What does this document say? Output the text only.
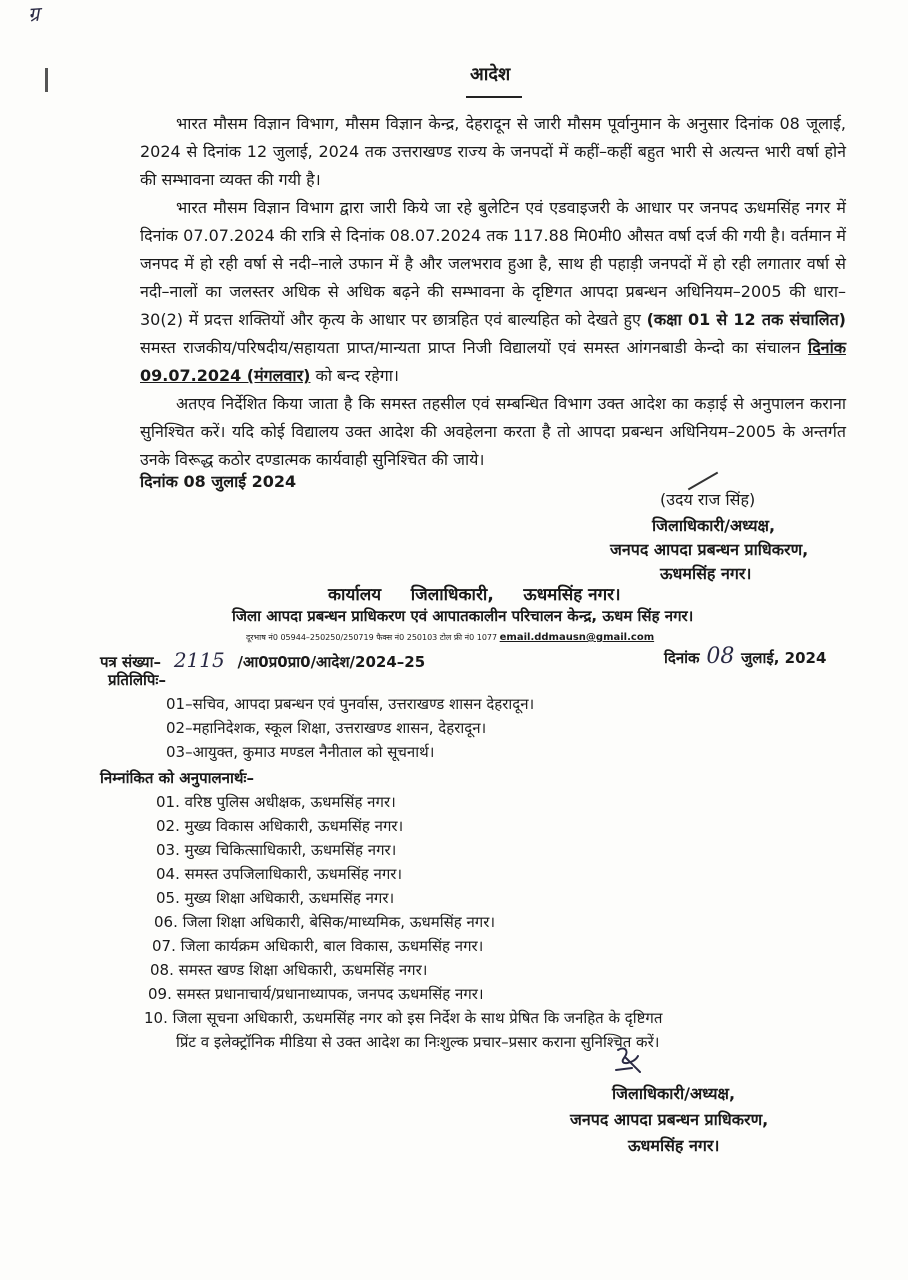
ग्र
आदेश
भारत मौसम विज्ञान विभाग, मौसम विज्ञान केन्द्र, देहरादून से जारी मौसम पूर्वानुमान के अनुसार दिनांक 08 जूलाई, 2024 से दिनांक 12 जुलाई, 2024 तक उत्तराखण्ड राज्य के जनपदों में कहीं–कहीं बहुत भारी से अत्यन्त भारी वर्षा होने की सम्भावना व्यक्त की गयी है।
भारत मौसम विज्ञान विभाग द्वारा जारी किये जा रहे बुलेटिन एवं एडवाइजरी के आधार पर जनपद ऊधमसिंह नगर में दिनांक 07.07.2024 की रात्रि से दिनांक 08.07.2024 तक 117.88 मि0मी0 औसत वर्षा दर्ज की गयी है। वर्तमान में जनपद में हो रही वर्षा से नदी–नाले उफान में है और जलभराव हुआ है, साथ ही पहाड़ी जनपदों में हो रही लगातार वर्षा से नदी–नालों का जलस्तर अधिक से अधिक बढ़ने की सम्भावना के दृष्टिगत आपदा प्रबन्धन अधिनियम–2005 की धारा–30(2) में प्रदत्त शक्तियों और कृत्य के आधार पर छात्रहित एवं बाल्यहित को देखते हुए (कक्षा 01 से 12 तक संचालित) समस्त राजकीय/परिषदीय/सहायता प्राप्त/मान्यता प्राप्त निजी विद्यालयों एवं समस्त आंगनबाडी केन्दो का संचालन दिनांक 09.07.2024 (मंगलवार) को बन्द रहेगा।
अतएव निर्देशित किया जाता है कि समस्त तहसील एवं सम्बन्धित विभाग उक्त आदेश का कड़ाई से अनुपालन कराना सुनिश्चित करें। यदि कोई विद्यालय उक्त आदेश की अवहेलना करता है तो आपदा प्रबन्धन अधिनियम–2005 के अन्तर्गत उनके विरूद्ध कठोर दण्डात्मक कार्यवाही सुनिश्चित की जाये।
दिनांक 08 जुलाई 2024
(उदय राज सिंह)
जिलाधिकारी/अध्यक्ष,
जनपद आपदा प्रबन्धन प्राधिकरण,
ऊधमसिंह नगर।
कार्यालय     जिलाधिकारी,     ऊधमसिंह नगर।
जिला आपदा प्रबन्धन प्राधिकरण एवं आपातकालीन परिचालन केन्द्र, ऊधम सिंह नगर।
दूरभाष नं0 05944–250250/250719 फैक्स नं0 250103 टोल फ्री नं0 1077 email.ddmausn@gmail.com
पत्र संख्या– 2115 /आ0प्र0प्रा0/आदेश/2024–25	दिनांक 08 जुलाई, 2024
प्रतिलिपिः–
01–सचिव, आपदा प्रबन्धन एवं पुनर्वास, उत्तराखण्ड शासन देहरादून।
02–महानिदेशक, स्कूल शिक्षा, उत्तराखण्ड शासन, देहरादून।
03–आयुक्त, कुमाउ मण्डल नैनीताल को सूचनार्थ।
निम्नांकित को अनुपालनार्थः–
01. वरिष्ठ पुलिस अधीक्षक, ऊधमसिंह नगर।
02. मुख्य विकास अधिकारी, ऊधमसिंह नगर।
03. मुख्य चिकित्साधिकारी, ऊधमसिंह नगर।
04. समस्त उपजिलाधिकारी, ऊधमसिंह नगर।
05. मुख्य शिक्षा अधिकारी, ऊधमसिंह नगर।
06. जिला शिक्षा अधिकारी, बेसिक/माध्यमिक, ऊधमसिंह नगर।
07. जिला कार्यक्रम अधिकारी, बाल विकास, ऊधमसिंह नगर।
08. समस्त खण्ड शिक्षा अधिकारी, ऊधमसिंह नगर।
09. समस्त प्रधानाचार्य/प्रधानाध्यापक, जनपद ऊधमसिंह नगर।
10. जिला सूचना अधिकारी, ऊधमसिंह नगर को इस निर्देश के साथ प्रेषित कि जनहित के दृष्टिगत
प्रिंट व इलेक्ट्रॉनिक मीडिया से उक्त आदेश का निःशुल्क प्रचार–प्रसार कराना सुनिश्चित करें।
जिलाधिकारी/अध्यक्ष,
जनपद आपदा प्रबन्धन प्राधिकरण,
ऊधमसिंह नगर।
